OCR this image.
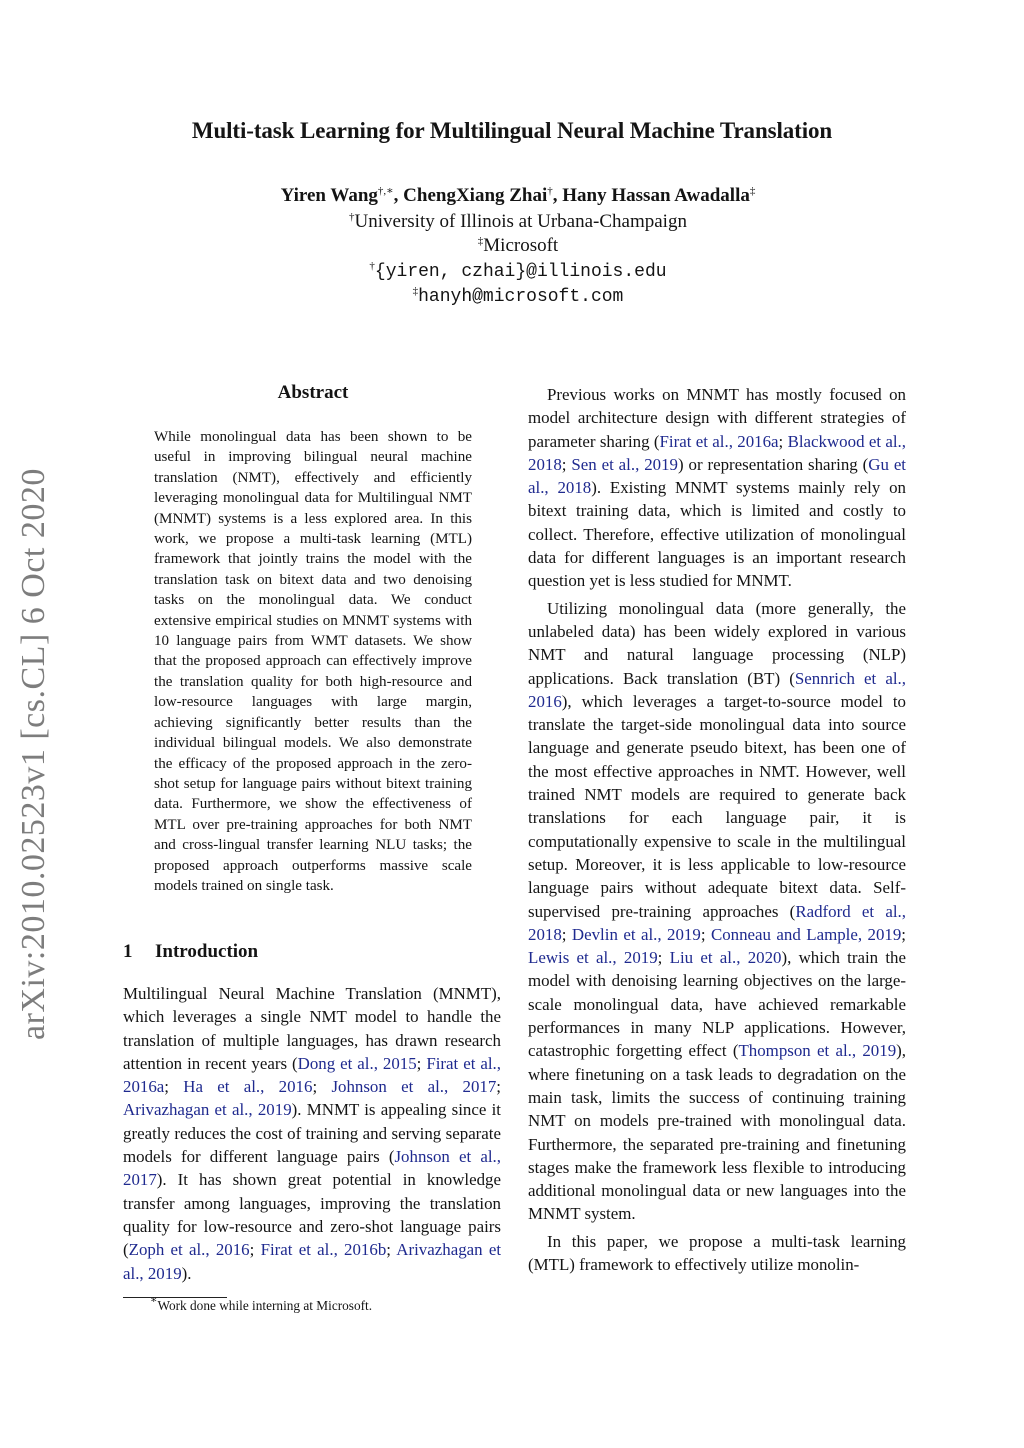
arXiv:2010.02523v1 [cs.CL] 6 Oct 2020
Multi-task Learning for Multilingual Neural Machine Translation
Yiren Wang†,∗, ChengXiang Zhai†, Hany Hassan Awadalla‡
†University of Illinois at Urbana-Champaign
‡Microsoft
†{yiren, czhai}@illinois.edu
‡hanyh@microsoft.com
Abstract
While monolingual data has been shown to be useful in improving bilingual neural machine translation (NMT), effectively and efficiently leveraging monolingual data for Multilingual NMT (MNMT) systems is a less explored area. In this work, we propose a multi-task learning (MTL) framework that jointly trains the model with the translation task on bitext data and two denoising tasks on the monolingual data. We conduct extensive empirical studies on MNMT systems with 10 language pairs from WMT datasets. We show that the proposed approach can effectively improve the translation quality for both high-resource and low-resource languages with large margin, achieving significantly better results than the individual bilingual models. We also demonstrate the efficacy of the proposed approach in the zero-shot setup for language pairs without bitext training data. Furthermore, we show the effectiveness of MTL over pre-training approaches for both NMT and cross-lingual transfer learning NLU tasks; the proposed approach outperforms massive scale models trained on single task.
1 Introduction

Multilingual Neural Machine Translation (MNMT), which leverages a single NMT model to handle the translation of multiple languages, has drawn research attention in recent years (Dong et al., 2015; Firat et al., 2016a; Ha et al., 2016; Johnson et al., 2017; Arivazhagan et al., 2019). MNMT is appealing since it greatly reduces the cost of training and serving separate models for different language pairs (Johnson et al., 2017). It has shown great potential in knowledge transfer among languages, improving the translation quality for low-resource and zero-shot language pairs (Zoph et al., 2016; Firat et al., 2016b; Arivazhagan et al., 2019).

Previous works on MNMT has mostly focused on model architecture design with different strategies of parameter sharing (Firat et al., 2016a; Blackwood et al., 2018; Sen et al., 2019) or representation sharing (Gu et al., 2018). Existing MNMT systems mainly rely on bitext training data, which is limited and costly to collect. Therefore, effective utilization of monolingual data for different languages is an important research question yet is less studied for MNMT.

Utilizing monolingual data (more generally, the unlabeled data) has been widely explored in various NMT and natural language processing (NLP) applications. Back translation (BT) (Sennrich et al., 2016), which leverages a target-to-source model to translate the target-side monolingual data into source language and generate pseudo bitext, has been one of the most effective approaches in NMT. However, well trained NMT models are required to generate back translations for each language pair, it is computationally expensive to scale in the multilingual setup. Moreover, it is less applicable to low-resource language pairs without adequate bitext data. Self-supervised pre-training approaches (Radford et al., 2018; Devlin et al., 2019; Conneau and Lample, 2019; Lewis et al., 2019; Liu et al., 2020), which train the model with denoising learning objectives on the large-scale monolingual data, have achieved remarkable performances in many NLP applications. However, catastrophic forgetting effect (Thompson et al., 2019), where finetuning on a task leads to degradation on the main task, limits the success of continuing training NMT on models pre-trained with monolingual data. Furthermore, the separated pre-training and finetuning stages make the framework less flexible to introducing additional monolingual data or new languages into the MNMT system.

In this paper, we propose a multi-task learning (MTL) framework to effectively utilize monolin-

∗Work done while interning at Microsoft.
